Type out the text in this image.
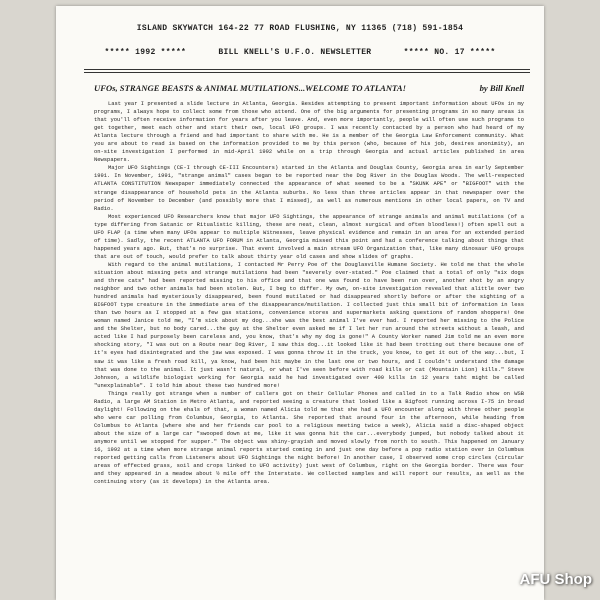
ISLAND SKYWATCH 164-22 77 ROAD FLUSHING, NY 11365 (718) 591-1854
***** 1992 *****	BILL KNELL'S U.F.O. NEWSLETTER	***** NO. 17 *****
UFOs, STRANGE BEASTS & ANIMAL MUTILATIONS...WELCOME TO ATLANTA!	by Bill Knell

Last year I presented a slide lecture in Atlanta, Georgia. Besides attempting to present important information about UFOs in my programs, I always hope to collect some from those who attend. One of the big arguments for presenting programs in so many areas is that you'll often receive information for years after you leave. And, even more importantly, people will often use such programs to get together, meet each other and start their own, local UFO groups. I was recently contacted by a person who had heard of my Atlanta lecture through a friend and had important to share with me. He is a member of the Georgia Law Enforcement community. What you are about to read is based on the information provided to me by this person (who, because of his job, desires anonimity), an on-site investigation I performed in mid-April 1992 while on a trip through Georgia and actual articles published in area Newspapers.

Major UFO Sightings (CE-I through CE-III Encounters) started in the Atlanta and Douglas County, Georgia area in early September 1991. In November, 1991, "strange animal" cases began to be reported near the Dog River in the Douglas Woods. The well-respected ATLANTA CONSTITUTION Newspaper immediately connected the appearance of what seemed to be a "SKUNK APE" or "BIGFOOT" with the strange disappearance of household pets in the Atlanta suburbs. No less than three articles appear in that newspaper over the period of November to December (and possibly more that I missed), as well as numerous mentions in other local papers, on TV and Radio.

Most experienced UFO Researchers know that major UFO Sightings, the appearance of strange animals and animal mutilations (of a type differing from Satanic or Ritualistic killing, these are neat, clean, almost surgical and often bloodless!) often spell out a UFO FLAP (a time when many UFOs appear to multiple Witnesses, leave physical evidence and remain in an area for an extended period of time). Sadly, the recent ATLANTA UFO FORUM in Atlanta, Georgia missed this point and had a conference talking about things that happened years ago. But, that's no surprise. That event involved a main stream UFO Organization that, like many dinosaur UFO groups that are out of touch, would prefer to talk about thirty year old cases and show slides of graphs.

With regard to the animal mutilations, I contacted Mr Perry Poe of the Douglasville Humane Society. He told me that the whole situation about missing pets and strange mutilations had been "severely over-stated." Poe claimed that a total of only "six dogs and three cats" had been reported missing to his office and that one was found to have been run over, another shot by an angry neighbor and two other animals had been stolen. But, I beg to differ. My own, on-site investigation revealed that alittle over two hundred animals had mysteriously disappeared, been found mutilated or had disappeared shortly before or after the sighting of a BIGFOOT type creature in the immediate area of the disappearance/mutilation. I collected just this small bit of information in less than two hours as I stopped at a few gas stations, convenience stores and supermarkets asking questions of random shoppers! One woman named Janice told me, "I'm sick about my dog...she was the best animal I've ever had. I reported her missing to the Police and the Shelter, but no body cared...the guy at the Shelter even asked me if I let her run around the streets without a leash, and acted like I had purposely been careless and, you know, that's why my dog is gone!" A County Worker named Jim told me an even more shocking story, "I was out on a Route near Dog River, I saw this dog...it looked like it had been trotting out there because one of it's eyes had disintegrated and the jaw was exposed. I was gonna throw it in the truck, you know, to get it out of the way...but, I saw it was like a fresh road kill, ya know, had been hit maybe in the last one or two hours, and I couldn't understand the damage that was done to the animal. It just wasn't natural, or what I've seen before with road kills or cat (Mountain Lion) kills." Steve Johnson, a wildlife biologist working for Georgia said he had investigated over 400 kills in 12 years taht might be called "unexplainable". I told him about these two hundred more!

Things really got strange when a number of callers got on their Cellular Phones and called in to a Talk Radio show on WSB Radio, a large AM Station in Metro Atlanta, and reported seeing a creature that looked like a Bigfoot running across I-75 in broad daylight! Following on the ehals of that, a woman named Alicia told me that she had a UFO encounter along with three other people who were car polling from Columbus, Georgia, to Atlanta. She reported that around four in the afternoon, while heading from Columbus to Atlanta (where she and her friends car pool to a religious meeting twice a week), Alicia said a disc-shaped object about the size of a large car "swooped down at me, like it was gonna hit the car...everybody jumped, but nobody talked about it anymore until we stopped for supper." The object was shiny-grayish and moved slowly from north to south. This happened on January 16, 1992 at a time when more strange animal reports started coming in and just one day before a pop radio station over in Columbus reported getting calls from Listeners about UFO Sightings the night before! In another case, I observed some crop circles (circular areas of effected grass, soil and crops linked to UFO activity) just west of Columbus, right on the Georgia border. There was four and they appeared in a meadow about ½ mile off the Interstate. We collected samples and will report our results, as well as the continuing story (as it develops) in the Atlanta area.

AFU Shop
